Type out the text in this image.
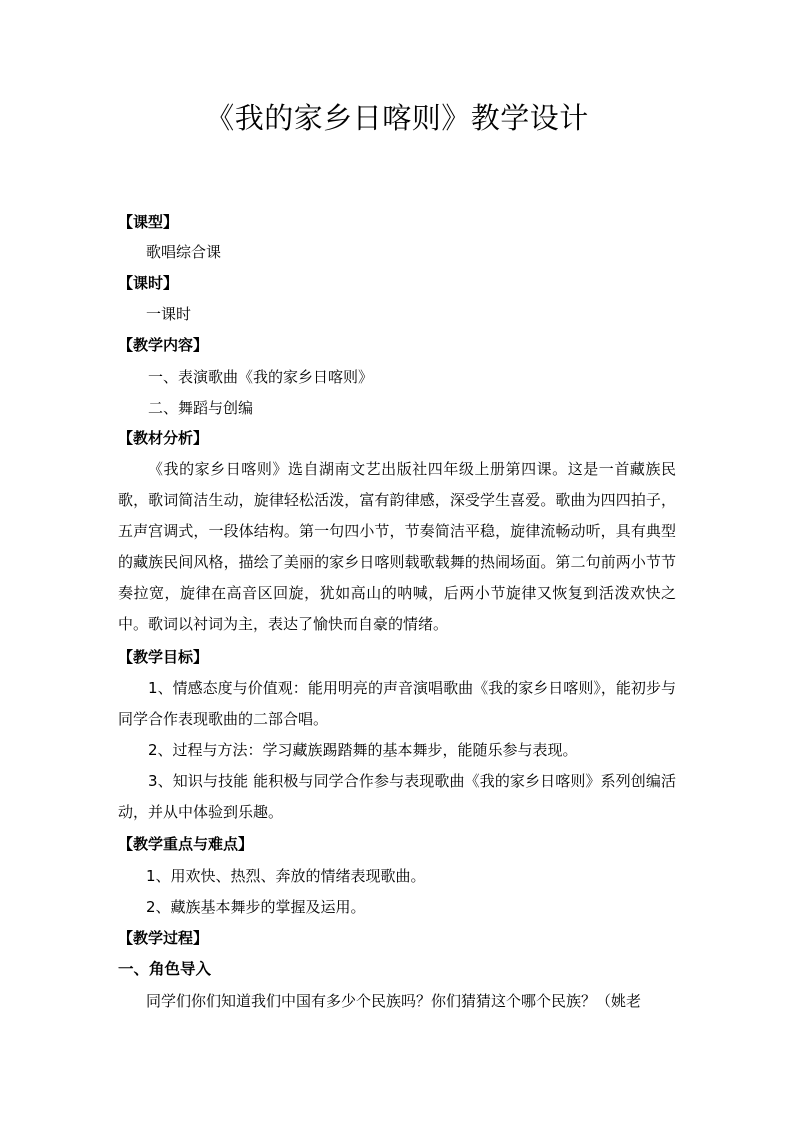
《我的家乡日喀则》教学设计
【课型】
歌唱综合课
【课时】
一课时
【教学内容】
一、表演歌曲《我的家乡日喀则》
二、舞蹈与创编
【教材分析】
《我的家乡日喀则》选自湖南文艺出版社四年级上册第四课。这是一首藏族民歌，歌词简洁生动，旋律轻松活泼，富有韵律感，深受学生喜爱。歌曲为四四拍子，五声宫调式，一段体结构。第一句四小节，节奏简洁平稳，旋律流畅动听，具有典型的藏族民间风格，描绘了美丽的家乡日喀则载歌载舞的热闹场面。第二句前两小节节奏拉宽，旋律在高音区回旋，犹如高山的呐喊，后两小节旋律又恢复到活泼欢快之中。歌词以衬词为主，表达了愉快而自豪的情绪。
【教学目标】
1、情感态度与价值观：能用明亮的声音演唱歌曲《我的家乡日喀则》，能初步与同学合作表现歌曲的二部合唱。
2、过程与方法：学习藏族踢踏舞的基本舞步，能随乐参与表现。
3、知识与技能 能积极与同学合作参与表现歌曲《我的家乡日喀则》系列创编活动，并从中体验到乐趣。
【教学重点与难点】
1、用欢快、热烈、奔放的情绪表现歌曲。
2、藏族基本舞步的掌握及运用。
【教学过程】
一、角色导入
同学们你们知道我们中国有多少个民族吗？你们猜猜这个哪个民族？（姚老
